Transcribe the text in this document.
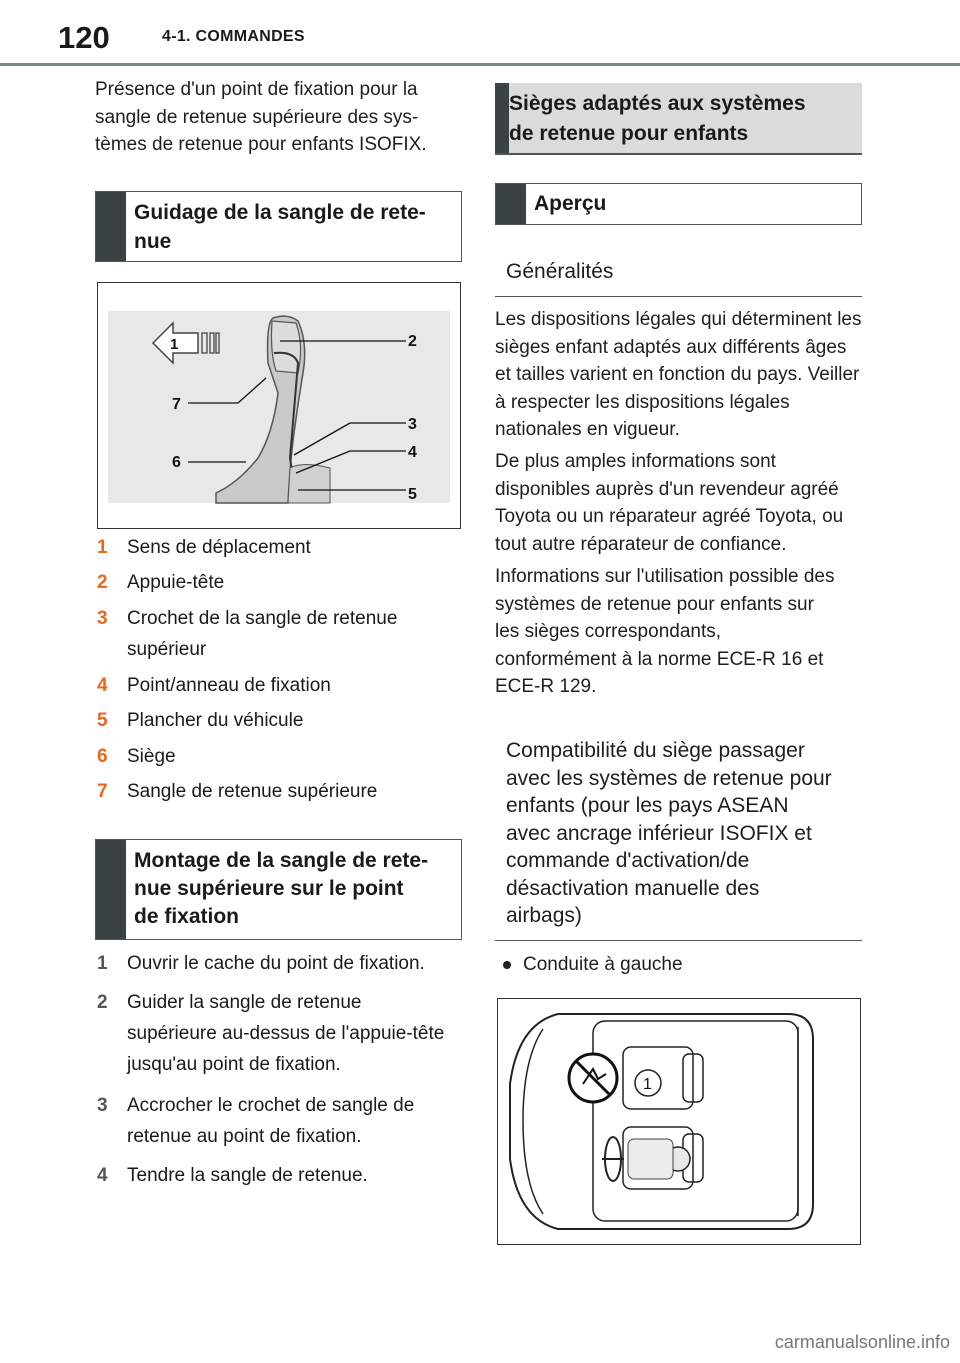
120	4-1. COMMANDES
Présence d'un point de fixation pour la
sangle de retenue supérieure des sys-
tèmes de retenue pour enfants ISOFIX.
Guidage de la sangle de rete-
nue
1	2
3
4
5
6
7
1 Sens de déplacement
2 Appuie-tête
3 Crochet de la sangle de retenue supérieur
4 Point/anneau de fixation
5 Plancher du véhicule
6 Siège
7 Sangle de retenue supérieure
Montage de la sangle de rete-
nue supérieure sur le point
de fixation
1 Ouvrir le cache du point de fixation.
2 Guider la sangle de retenue supérieure au-dessus de l'appuie-tête jusqu'au point de fixation.
3 Accrocher le crochet de sangle de retenue au point de fixation.
4 Tendre la sangle de retenue.
Sièges adaptés aux systèmes
de retenue pour enfants
Aperçu
Généralités
Les dispositions légales qui déterminent les sièges enfant adaptés aux différents âges et tailles varient en fonction du pays. Veiller à respecter les dispositions légales nationales en vigueur.
De plus amples informations sont disponibles auprès d'un revendeur agréé Toyota ou un réparateur agréé Toyota, ou tout autre réparateur de confiance.
Informations sur l'utilisation possible des systèmes de retenue pour enfants sur les sièges correspondants, conformément à la norme ECE-R 16 et ECE-R 129.
Compatibilité du siège passager avec les systèmes de retenue pour enfants (pour les pays ASEAN avec ancrage inférieur ISOFIX et commande d'activation/de désactivation manuelle des airbags)
Conduite à gauche
1
carmanualsonline.info
